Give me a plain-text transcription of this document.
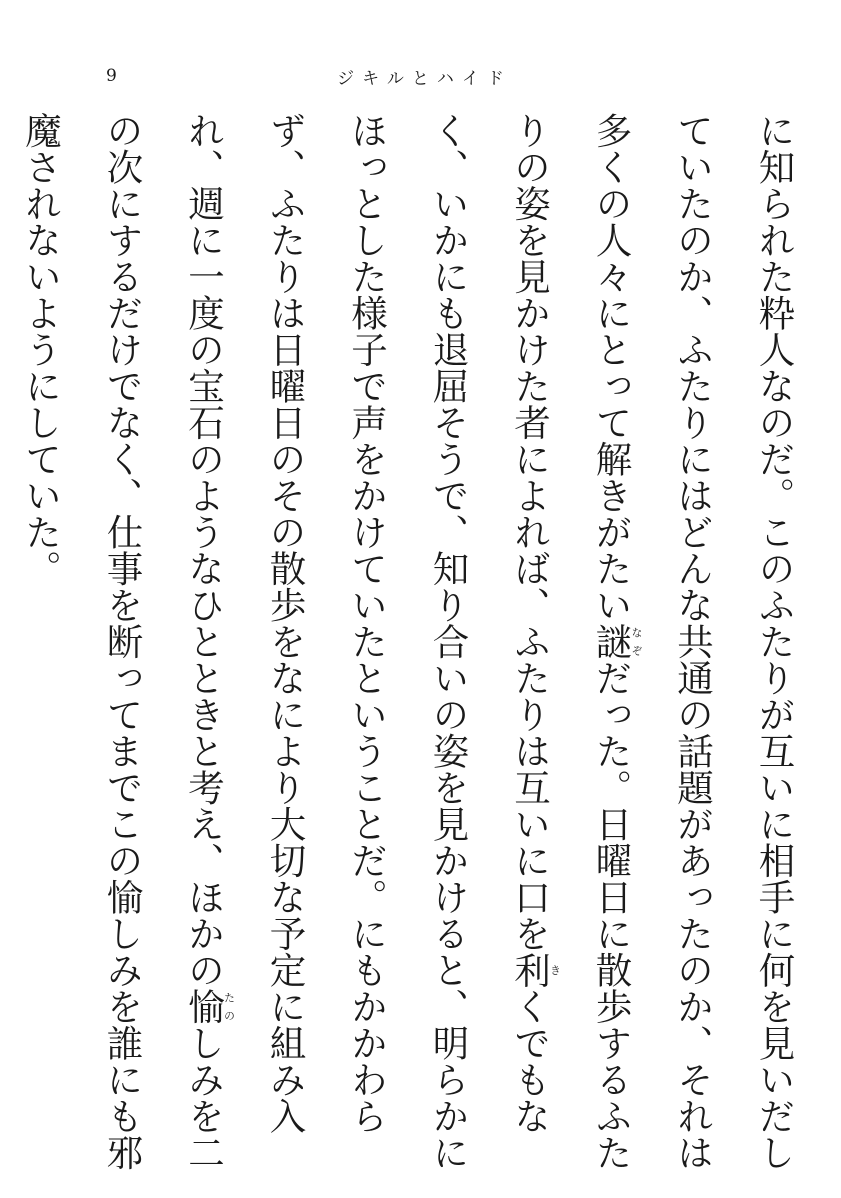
9	ジキルとハイド

に知られた粋人なのだ。このふたりが互いに相手に何を見いだしていたのか、ふたりにはどんな共通の話題があったのか、それは多くの人々にとって解きがたい謎なぞだった。日曜日に散歩するふたりの姿を見かけた者によれば、ふたりは互いに口を利きくでもなく、いかにも退屈そうで、知り合いの姿を見かけると、明らかにほっとした様子で声をかけていたということだ。にもかかわらず、ふたりは日曜日のその散歩をなにより大切な予定に組み入れ、週に一度の宝石のようなひとときと考え、ほかの愉たのしみを二の次にするだけでなく、仕事を断ってまでこの愉しみを誰にも邪魔されないようにしていた。
